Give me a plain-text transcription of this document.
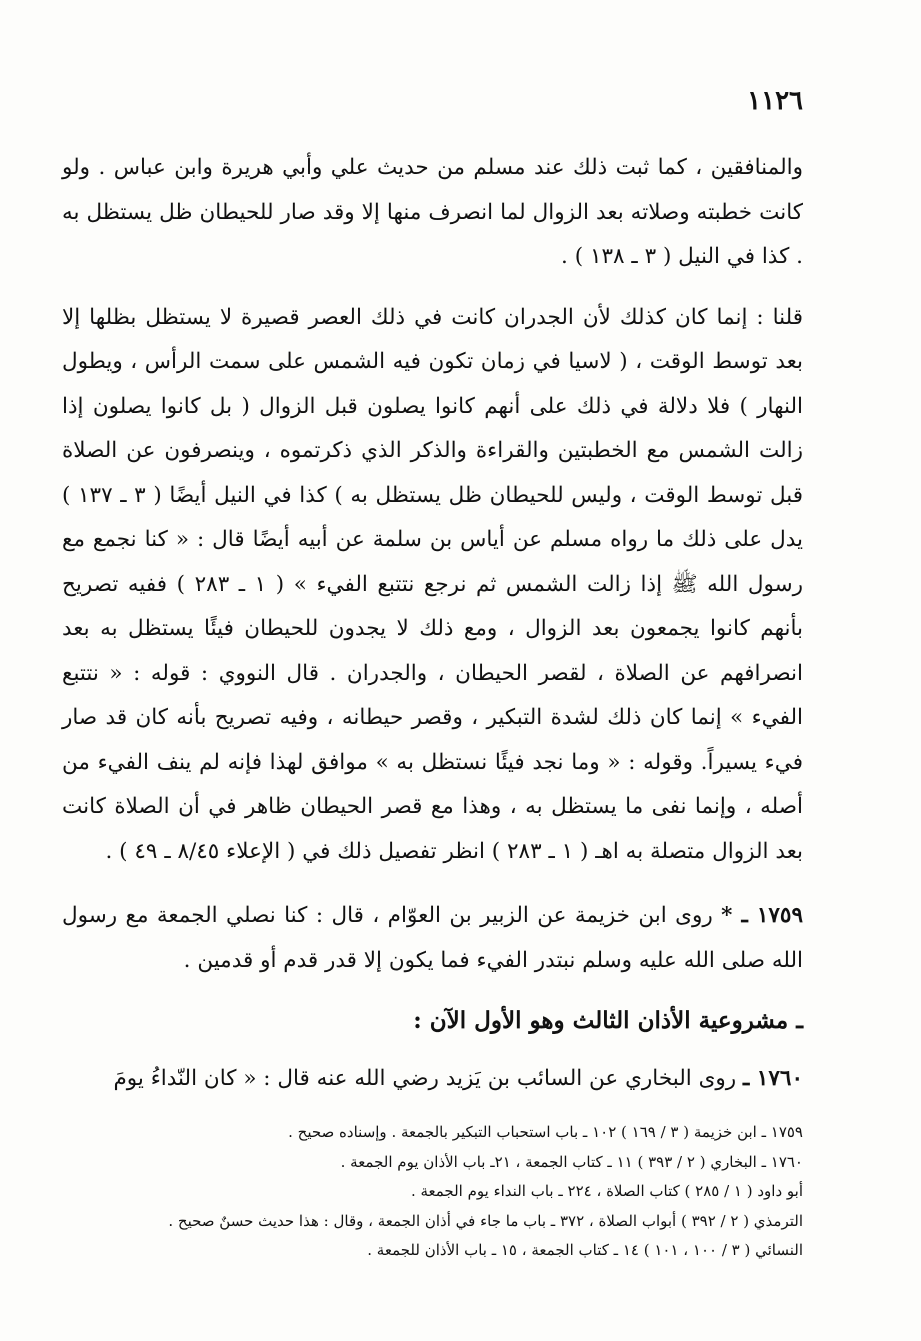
١١٢٦

والمنافقين ، كما ثبت ذلك عند مسلم من حديث علي وأبي هريرة وابن عباس . ولو كانت خطبته وصلاته بعد الزوال لما انصرف منها إلا وقد صار للحيطان ظل يستظل به . كذا في النيل ( ٣ ـ ١٣٨ ) .

قلنا : إنما كان كذلك لأن الجدران كانت في ذلك العصر قصيرة لا يستظل بظلها إلا بعد توسط الوقت ، ( لاسيا في زمان تكون فيه الشمس على سمت الرأس ، ويطول النهار ) فلا دلالة في ذلك على أنهم كانوا يصلون قبل الزوال ( بل كانوا يصلون إذا زالت الشمس مع الخطبتين والقراءة والذكر الذي ذكرتموه ، وينصرفون عن الصلاة قبل توسط الوقت ، وليس للحيطان ظل يستظل به ) كذا في النيل أيضًا ( ٣ ـ ١٣٧ ) يدل على ذلك ما رواه مسلم عن أياس بن سلمة عن أبيه أيضًا قال : « كنا نجمع مع رسول الله ﷺ إذا زالت الشمس ثم نرجع نتتبع الفيء » ( ١ ـ ٢٨٣ ) ففيه تصريح بأنهم كانوا يجمعون بعد الزوال ، ومع ذلك لا يجدون للحيطان فيئًا يستظل به بعد انصرافهم عن الصلاة ، لقصر الحيطان ، والجدران . قال النووي : قوله : « نتتبع الفيء » إنما كان ذلك لشدة التبكير ، وقصر حيطانه ، وفيه تصريح بأنه كان قد صار فيء يسيراً. وقوله : « وما نجد فيئًا نستظل به » موافق لهذا فإنه لم ينف الفيء من أصله ، وإنما نفى ما يستظل به ، وهذا مع قصر الحيطان ظاهر في أن الصلاة كانت بعد الزوال متصلة به اهـ ( ١ ـ ٢٨٣ ) انظر تفصيل ذلك في ( الإعلاء ٨/٤٥ ـ ٤٩ ) .

١٧٥٩ ـ * روى ابن خزيمة عن الزبير بن العوّام ، قال : كنا نصلي الجمعة مع رسول الله صلى الله عليه وسلم نبتدر الفيء فما يكون إلا قدر قدم أو قدمين .

ـ مشروعية الأذان الثالث وهو الأول الآن :

١٧٦٠ ـ روى البخاري عن السائب بن يَزيد رضي الله عنه قال : « كان النّداءُ يومَ

١٧٥٩ ـ ابن خزيمة ( ٣ / ١٦٩ ) ١٠٢ ـ باب استحباب التبكير بالجمعة . وإسناده صحيح .

١٧٦٠ ـ البخاري ( ٢ / ٣٩٣ ) ١١ ـ كتاب الجمعة ، ٢١ـ باب الأذان يوم الجمعة .

أبو داود ( ١ / ٢٨٥ ) كتاب الصلاة ، ٢٢٤ ـ باب النداء يوم الجمعة .

الترمذي ( ٢ / ٣٩٢ ) أبواب الصلاة ، ٣٧٢ ـ باب ما جاء في أذان الجمعة ، وقال : هذا حديث حسنٌ صحيح .

النسائي ( ٣ / ١٠٠ ، ١٠١ ) ١٤ ـ كتاب الجمعة ، ١٥ ـ باب الأذان للجمعة .
